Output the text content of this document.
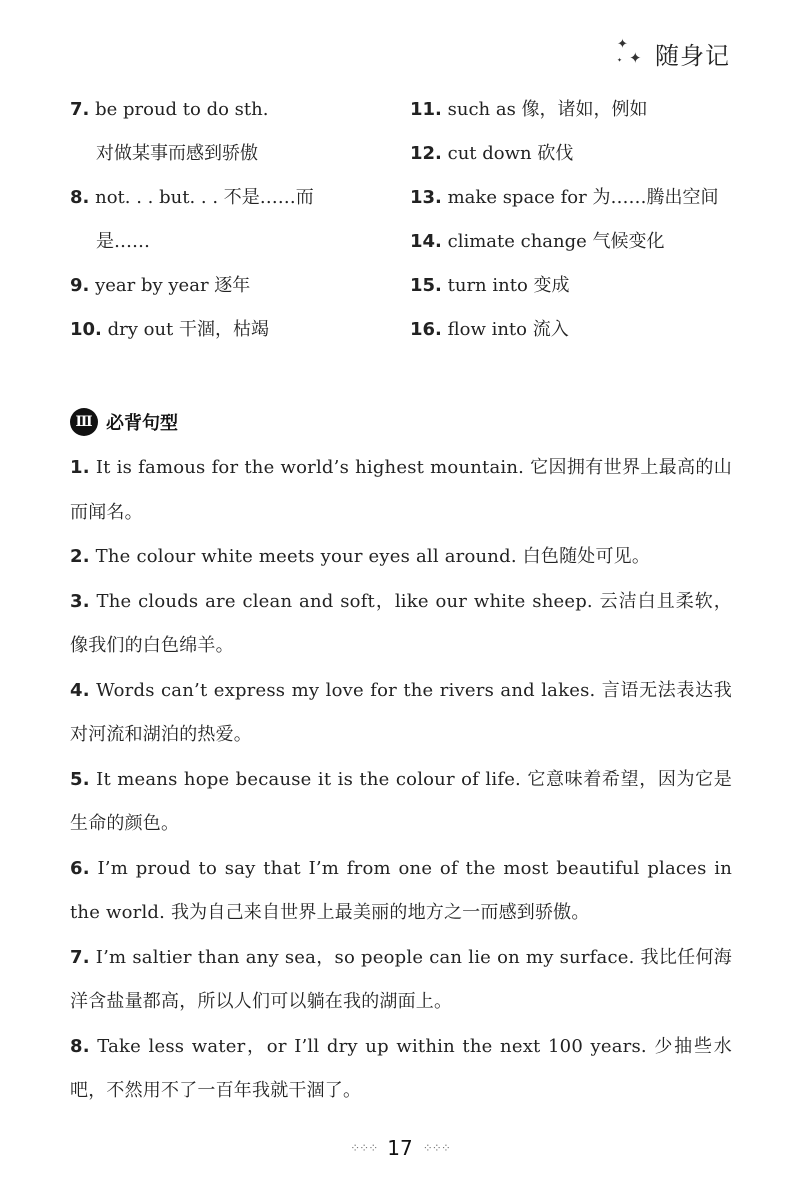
✦
✦
✦ 随身记
7. be proud to do sth.
对做某事而感到骄傲
8. not. . . but. . . 不是……而
是……
9. year by year 逐年
10. dry out 干涸，枯竭
11. such as 像，诸如，例如
12. cut down 砍伐
13. make space for 为……腾出空间
14. climate change 气候变化
15. turn into 变成
16. flow into 流入
Ⅲ 必背句型
1. It is famous for the world’s highest mountain. 它因拥有世界上最高的山而闻名。
2. The colour white meets your eyes all around. 白色随处可见。
3. The clouds are clean and soft，like our white sheep. 云洁白且柔软，像我们的白色绵羊。
4. Words can’t express my love for the rivers and lakes. 言语无法表达我对河流和湖泊的热爱。
5. It means hope because it is the colour of life. 它意味着希望，因为它是生命的颜色。
6. I’m proud to say that I’m from one of the most beautiful places in the world. 我为自己来自世界上最美丽的地方之一而感到骄傲。
7. I’m saltier than any sea，so people can lie on my surface. 我比任何海洋含盐量都高，所以人们可以躺在我的湖面上。
8. Take less water，or I’ll dry up within the next 100 years. 少抽些水吧，不然用不了一百年我就干涸了。
⁘⁘⁘ 17 ⁘⁘⁘
